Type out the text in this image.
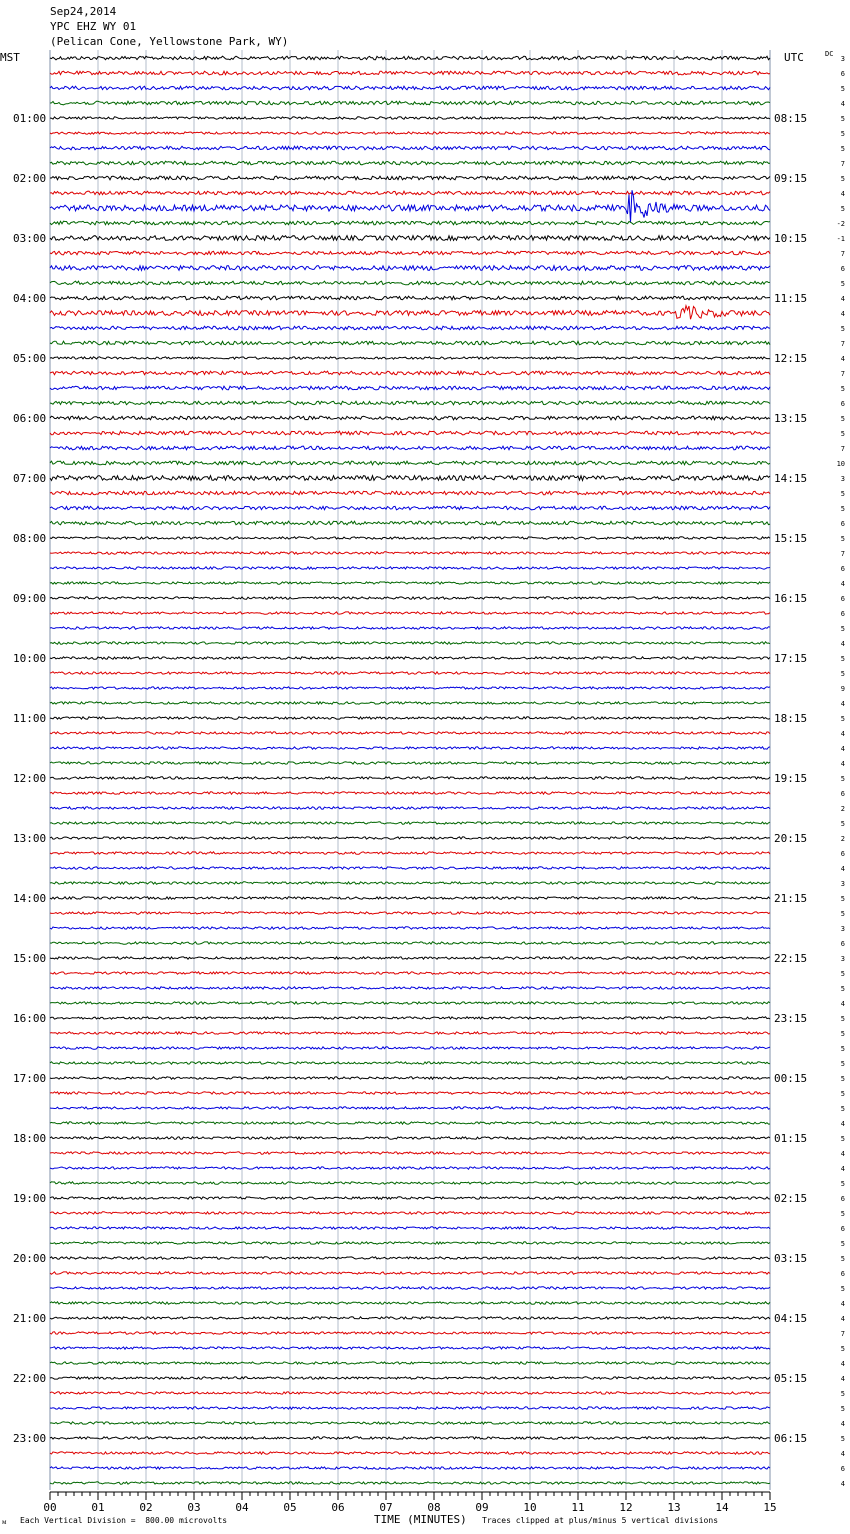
Sep24,2014
YPC EHZ WY 01
(Pelican Cone, Yellowstone Park, WY)
01:00
02:00
03:00
04:00
05:00
06:00
07:00
08:00
09:00
10:00
11:00
12:00
13:00
14:00
15:00
16:00
17:00
18:00
19:00
20:00
21:00
22:00
23:00
08:15
09:15
10:15
11:15
12:15
13:15
14:15
15:15
16:15
17:15
18:15
19:15
20:15
21:15
22:15
23:15
00:15
01:15
02:15
03:15
04:15
05:15
06:15
3
6
5
4
5
5
5
7
5
4
5
-2
-1
7
6
5
4
4
5
7
4
7
5
6
5
5
7
10
3
5
5
6
5
7
6
4
6
6
5
4
5
5
9
4
5
4
4
4
5
6
2
5
2
6
4
3
5
5
3
6
3
5
5
4
5
5
5
5
5
5
5
4
5
4
4
5
6
5
6
5
5
6
5
4
4
7
5
4
4
5
5
4
5
4
6
4
00	01	02	03	04	05	06	07	08	09	10	11	12	13	14	15
MST	UTC	DC
ᴍ Each Vertical Division =  800.00 microvolts	TIME (MINUTES) Traces clipped at plus/minus 5 vertical divisions
